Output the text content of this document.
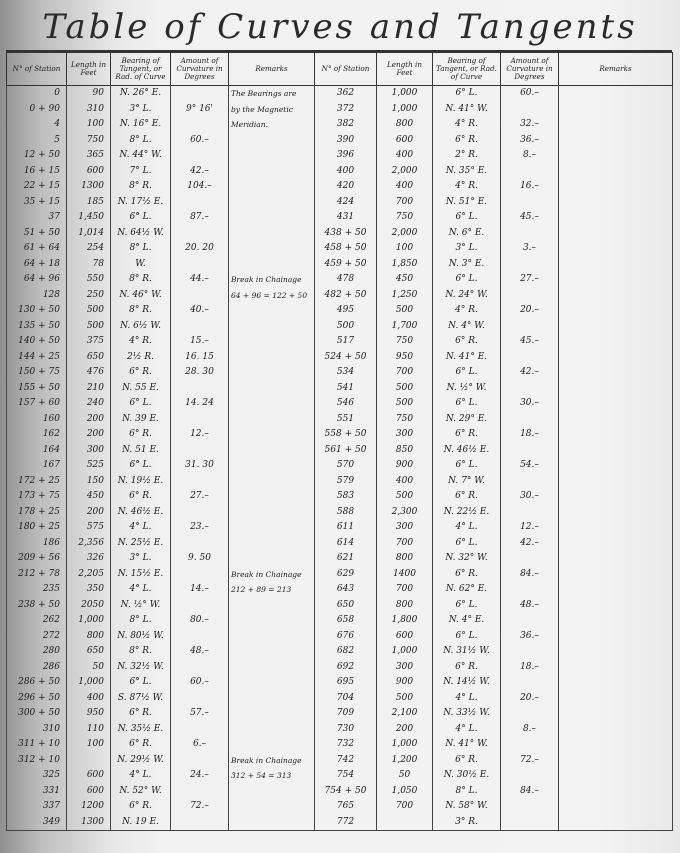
Table of Curves and Tangents
N° of Station	Length in Feet	Bearing of Tangent, or Rad. of Curve	Amount of Curvature in Degrees	Remarks	N° of Station	Length in Feet	Bearing of Tangent, or Rad. of Curve	Amount of Curvature in Degrees	Remarks
0	90	N. 26° E.		The Bearings are	362	1,000	6° L.	60.–	
0 + 90	310	3° L.	9° 16'	by the Magnetic	372	1,000	N. 41° W.		
4	100	N. 16° E.		Meridian.	382	800	4° R.	32.–	
5	750	8° L.	60.–		390	600	6° R.	36.–	
12 + 50	365	N. 44° W.			396	400	2° R.	8.–	
16 + 15	600	7° L.	42.–		400	2,000	N. 35° E.		
22 + 15	1300	8° R.	104.–		420	400	4° R.	16.–	
35 + 15	185	N. 17½ E.			424	700	N. 51° E.		
37	1,450	6° L.	87.–		431	750	6° L.	45.–	
51 + 50	1,014	N. 64½ W.			438 + 50	2,000	N. 6° E.		
61 + 64	254	8° L.	20. 20		458 + 50	100	3° L.	3.–	
64 + 18	78	W.			459 + 50	1,850	N. 3° E.		
64 + 96	550	8° R.	44.–	Break in Chainage	478	450	6° L.	27.–	
128	250	N. 46° W.		64 + 96 = 122 + 50	482 + 50	1,250	N. 24° W.		
130 + 50	500	8° R.	40.–		495	500	4° R.	20.–	
135 + 50	500	N. 6½ W.			500	1,700	N. 4° W.		
140 + 50	375	4° R.	15.–		517	750	6° R.	45.–	
144 + 25	650	2½ R.	16. 15		524 + 50	950	N. 41° E.		
150 + 75	476	6° R.	28. 30		534	700	6° L.	42.–	
155 + 50	210	N. 55 E.			541	500	N. ½° W.		
157 + 60	240	6° L.	14. 24		546	500	6° L.	30.–	
160	200	N. 39 E.			551	750	N. 29° E.		
162	200	6° R.	12.–		558 + 50	300	6° R.	18.–	
164	300	N. 51 E.			561 + 50	850	N. 46½ E.		
167	525	6° L.	31. 30		570	900	6° L.	54.–	
172 + 25	150	N. 19½ E.			579	400	N. 7° W.		
173 + 75	450	6° R.	27.–		583	500	6° R.	30.–	
178 + 25	200	N. 46½ E.			588	2,300	N. 22½ E.		
180 + 25	575	4° L.	23.–		611	300	4° L.	12.–	
186	2,356	N. 25½ E.			614	700	6° L.	42.–	
209 + 56	326	3° L.	9. 50		621	800	N. 32° W.		
212 + 78	2,205	N. 15½ E.		Break in Chainage	629	1400	6° R.	84.–	
235	350	4° L.	14.–	212 + 89 = 213	643	700	N. 62° E.		
238 + 50	2050	N. ½° W.			650	800	6° L.	48.–	
262	1,000	8° L.	80.–		658	1,800	N. 4° E.		
272	800	N. 80½ W.			676	600	6° L.	36.–	
280	650	8° R.	48.–		682	1,000	N. 31½ W.		
286	50	N. 32½ W.			692	300	6° R.	18.–	
286 + 50	1,000	6° L.	60.–		695	900	N. 14½ W.		
296 + 50	400	S. 87½ W.			704	500	4° L.	20.–	
300 + 50	950	6° R.	57.–		709	2,100	N. 33½ W.		
310	110	N. 35½ E.			730	200	4° L.	8.–	
311 + 10	100	6° R.	6.–		732	1,000	N. 41° W.		
312 + 10		N. 29½ W.		Break in Chainage	742	1,200	6° R.	72.–	
325	600	4° L.	24.–	312 + 54 = 313	754	50	N. 30½ E.		
331	600	N. 52° W.			754 + 50	1,050	8° L.	84.–	
337	1200	6° R.	72.–		765	700	N. 58° W.		
349	1300	N. 19 E.			772		3° R.		
